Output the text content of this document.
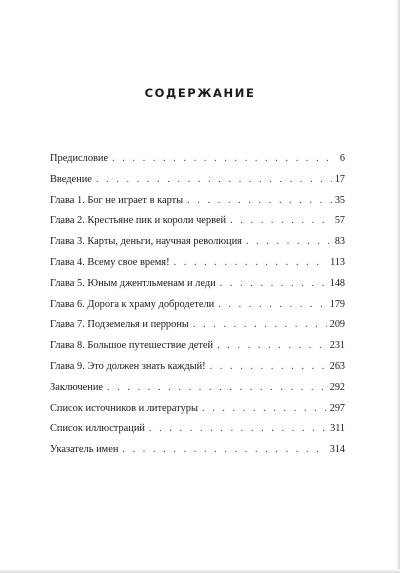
СОДЕРЖАНИЕ
Предисловие . . .	6
Введение . . .	17
Глава 1. Бог не играет в карты . . .	35
Глава 2. Крестьяне пик и короли червей . . .	57
Глава 3. Карты, деньги, научная революция . . .	83
Глава 4. Всему свое время! . . .	113
Глава 5. Юным джентльменам и леди . . .	148
Глава 6. Дорога к храму добродетели . . .	179
Глава 7. Подземелья и перроны . . .	209
Глава 8. Большое путешествие детей . . .	231
Глава 9. Это должен знать каждый! . . .	263
Заключение . . .	292
Список источников и литературы . . .	297
Список иллюстраций . . .	311
Указатель имен . . .	314
